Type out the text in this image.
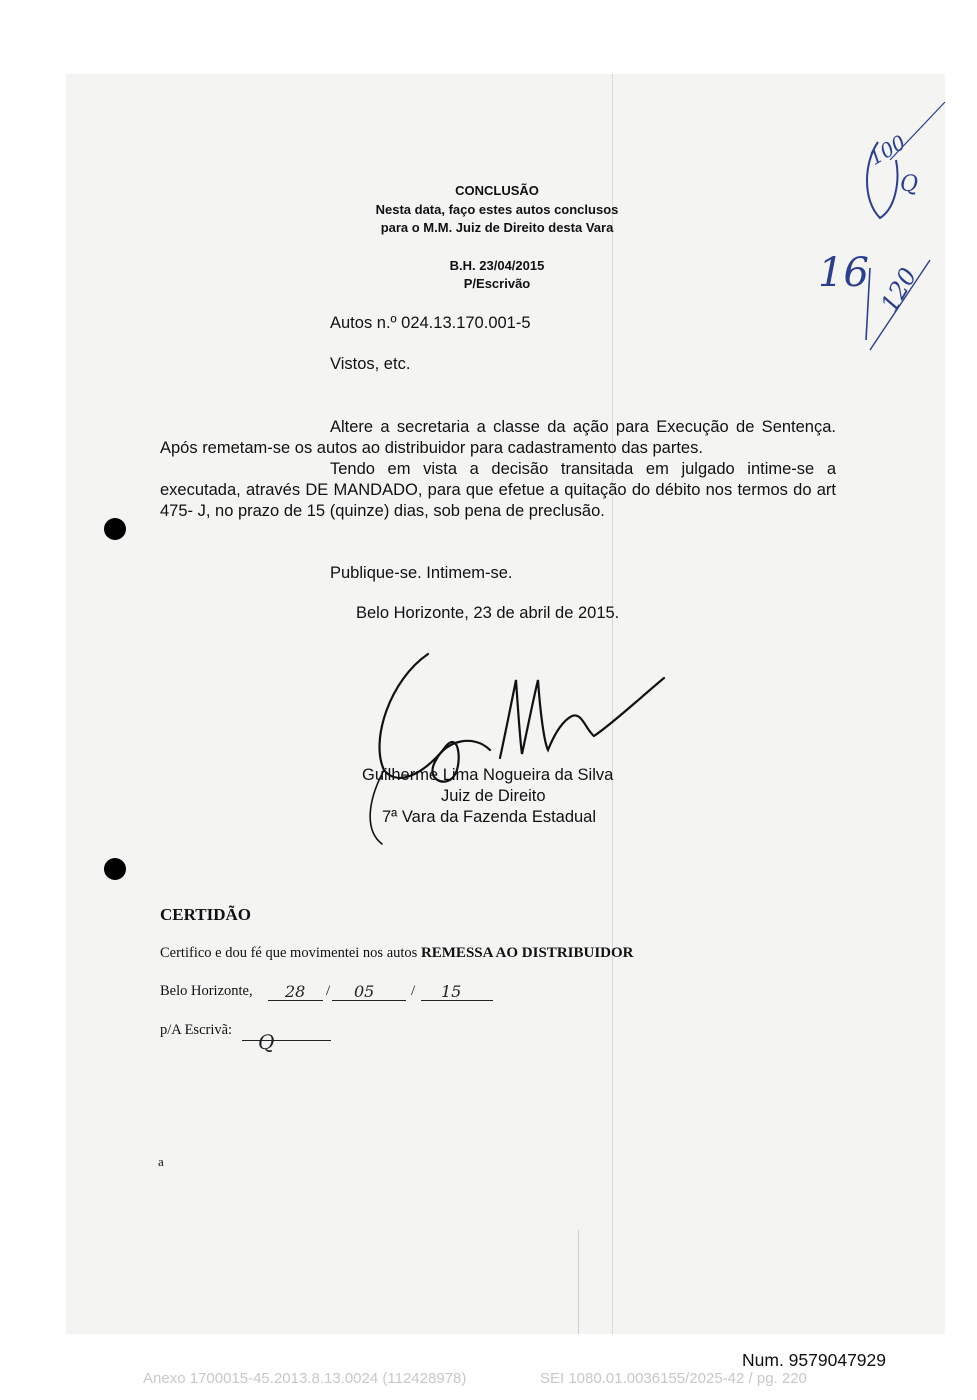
CONCLUSÃO
Nesta data, faço estes autos conclusos
para o M.M. Juiz de Direito desta Vara
B.H. 23/04/2015
P/Escrivão
100
Q
16 120
Autos n.º 024.13.170.001-5
Vistos, etc.
Altere a secretaria a classe da ação para Execução de Sentença. Após remetam-se os autos ao distribuidor para cadastramento das partes.
Tendo em vista a decisão transitada em julgado intime-se a executada, através DE MANDADO, para que efetue a quitação do débito nos termos do art 475- J, no prazo de 15 (quinze) dias, sob pena de preclusão.
Publique-se. Intimem-se.
Belo Horizonte, 23 de abril de 2015.
Guilherme Lima Nogueira da Silva
Juiz de Direito
7ª Vara da Fazenda Estadual
CERTIDÃO
Certifico e dou fé que movimentei nos autos REMESSA AO DISTRIBUIDOR
Belo Horizonte, 28 / 05 / 15
p/A Escrivã: Q
a
Num. 9579047929
Anexo 1700015-45.2013.8.13.0024 (112428978)	SEI 1080.01.0036155/2025-42 / pg. 220
